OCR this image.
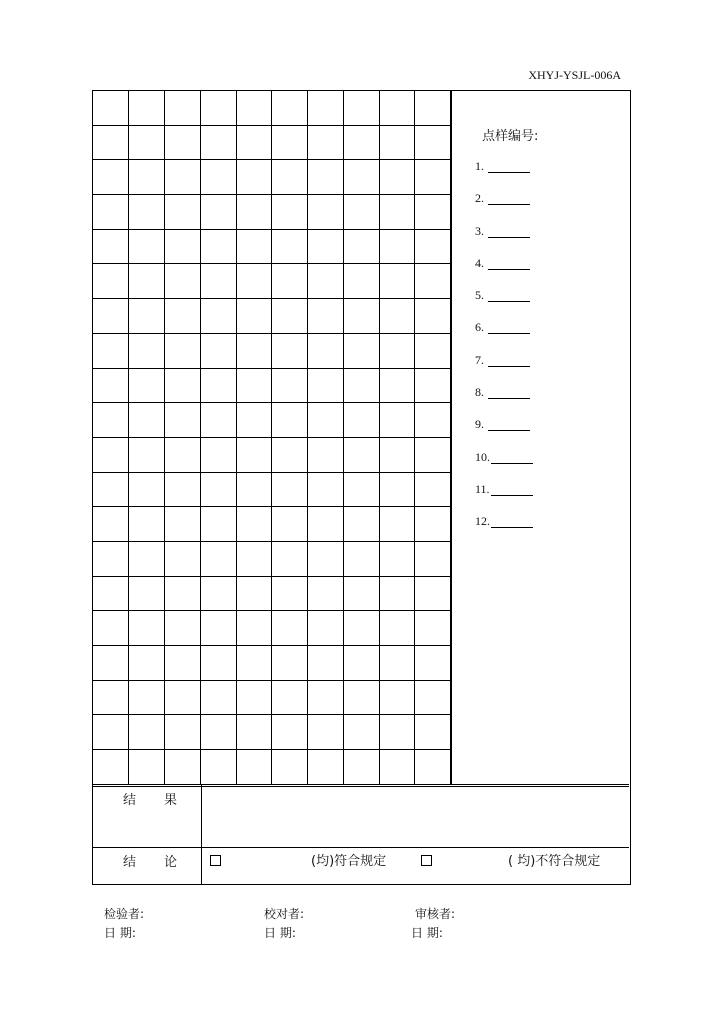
XHYJ-YSJL-006A

点样编号:
1.
2.
3.
4.
5.
6.
7.
8.
9.
10.
11.
12.
结果
结论	(均)符合规定	( 均)不符合规定
检验者:	校对者:	审核者:
日 期:	日 期:	日 期:
